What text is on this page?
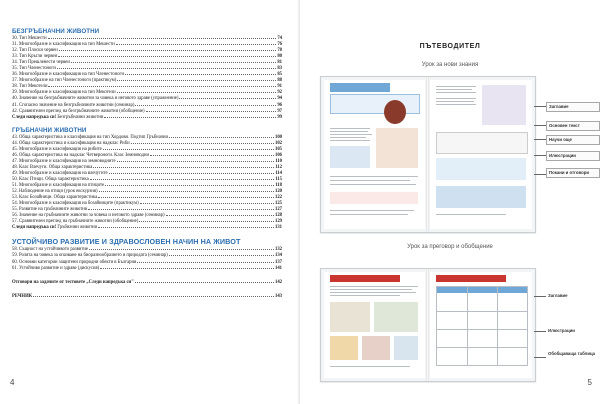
БЕЗГРЪБНАЧНИ ЖИВОТНИ
30. Тип Мешести	74
31. Многообразие и класификация на тип Мешести	76
32. Тип Плоски червеи	78
33. Тип Кръгли червеи	80
34. Тип Прешленести червеи	81
35. Тип Членестоноги	83
36. Многообразие и класификация на тип Членестоноги	85
37. Многообразие на тип Членестоноги (практикум)	88
38. Тип Мекотели	91
39. Многообразие и класификация на тип Мекотели	92
40. Значение на безгръбначните животни за човека и неговото здраве (упражнение)	94
41. Сгопасно значение на безгръбначните животни (семинар)	96
42. Сравнителен преглед на безгръбначните животни (обобщение)	97
Следи напредъка си! Безгръбначни животни	99
ГРЪБНАЧНИ ЖИВОТНИ
43. Обща характеристика и класификация на тип Хордови. Подтип Гръбначни	100
44. Обща характеристика и класификация на надклас Риби	102
45. Многообразие и класификация на рибите	105
46. Обща характеристика на надклас Четвероноги. Клас Земноводни	106
47. Многообразие и класификация на земноводните	110
48. Клас Влечуги. Обща характеристика	112
49. Многообразие и класификация на влечугите	114
50. Клас Птици. Обща характеристика	115
51. Многообразие и класификация на птиците	118
52. Наблюдение на птици (урок екскурзия)	120
53. Клас Бозайници. Обща характеристика	122
54. Многообразие и класификация на бозайниците (практикум)	125
55. Развитие на гръбначните животни	127
56. Значение на гръбначните животни за човека и неговото здраве (семинар)	128
57. Сравнителен преглед на гръбначните животни (обобщение)	129
Следи напредъка си! Гръбначни животни	131
УСТОЙЧИВО РАЗВИТИЕ И ЗДРАВОСЛОВЕН НАЧИН НА ЖИВОТ
58. Същност на устойчивото развитие	132
59. Ролята на човека за опазване на биоразнообразието в природата (семинар)	134
60. Основни категории защитени природни обекти в България	137
61. Устойчиво развитие и здраве (дискусия)	141
Отговори на задачите от тестовете „Следи напредъка си"	142
РЕЧНИК	143
4
ПЪТЕВОДИТЕЛ
Урок за нови знания
Заглавие
Основен текст
Научи още
Илюстрации
Покани и отговори
Урок за преговор и обобщение
Заглавие
Илюстрации
Обобщаваща таблица
5
